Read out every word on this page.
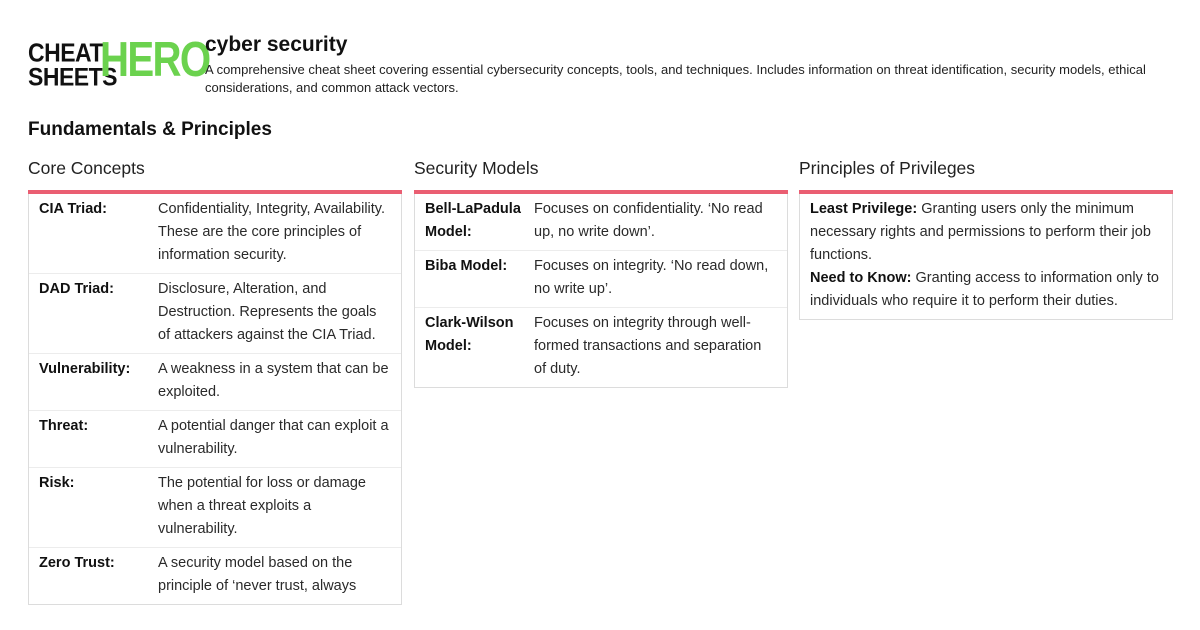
CHEAT
SHEETS
HERO
cyber security

A comprehensive cheat sheet covering essential cybersecurity concepts, tools, and techniques. Includes information on threat identification, security models, ethical considerations, and common attack vectors.

Fundamentals & Principles
Core Concepts
CIA Triad:	Confidentiality, Integrity, Availability. These are the core principles of information security.
DAD Triad:	Disclosure, Alteration, and Destruction. Represents the goals of attackers against the CIA Triad.
Vulnerability:	A weakness in a system that can be exploited.
Threat:	A potential danger that can exploit a vulnerability.
Risk:	The potential for loss or damage when a threat exploits a vulnerability.
Zero Trust:	A security model based on the principle of ‘never trust, always
Security Models
Bell-LaPadula Model:
Focuses on confidentiality. ‘No read up, no write down’.
Biba Model:	Focuses on integrity. ‘No read down, no write up’.
Clark-Wilson Model:
Focuses on integrity through well-formed transactions and separation of duty.
Principles of Privileges

Least Privilege: Granting users only the minimum necessary rights and permissions to perform their job functions.

Need to Know: Granting access to information only to individuals who require it to perform their duties.
